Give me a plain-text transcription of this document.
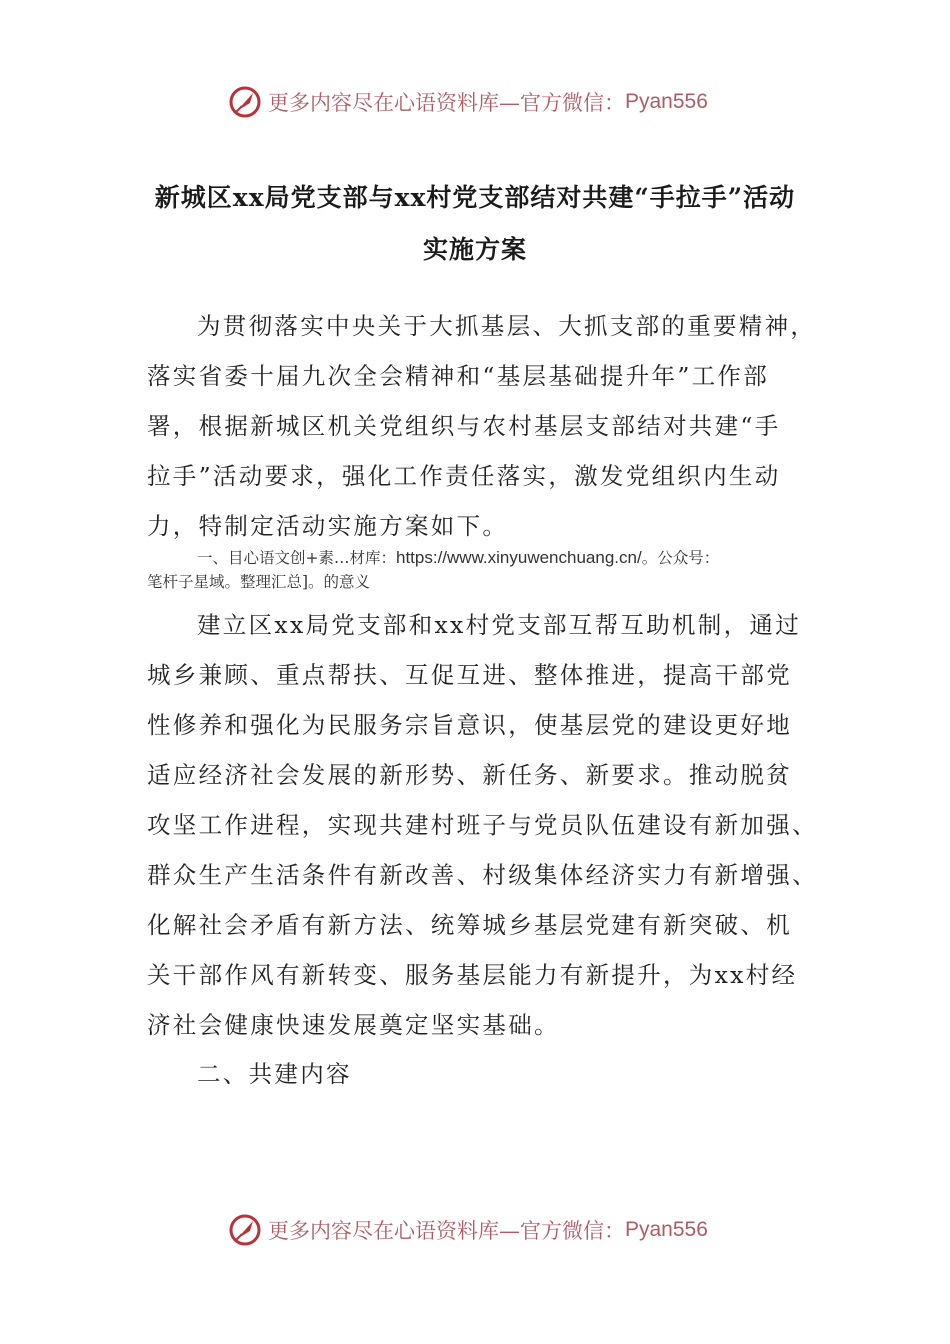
更多内容尽在心语资料库—官方微信： Pyan556
新城区xx局党支部与xx村党支部结对共建“手拉手”活动
实施方案
为贯彻落实中央关于大抓基层、大抓支部的重要精神，
落实省委十届九次全会精神和“基层基础提升年”工作部
署，根据新城区机关党组织与农村基层支部结对共建“手
拉手”活动要求，强化工作责任落实，激发党组织内生动
力，特制定活动实施方案如下。
一、目心语文创+素…材库：https://www.xinyuwenchuang.cn/。公众号：
笔杆子星域。整理汇总]。的意义
建立区xx局党支部和xx村党支部互帮互助机制，通过
城乡兼顾、重点帮扶、互促互进、整体推进，提高干部党
性修养和强化为民服务宗旨意识，使基层党的建设更好地
适应经济社会发展的新形势、新任务、新要求。推动脱贫
攻坚工作进程，实现共建村班子与党员队伍建设有新加强、
群众生产生活条件有新改善、村级集体经济实力有新增强、
化解社会矛盾有新方法、统筹城乡基层党建有新突破、机
关干部作风有新转变、服务基层能力有新提升，为xx村经
济社会健康快速发展奠定坚实基础。
二、共建内容
更多内容尽在心语资料库—官方微信： Pyan556
